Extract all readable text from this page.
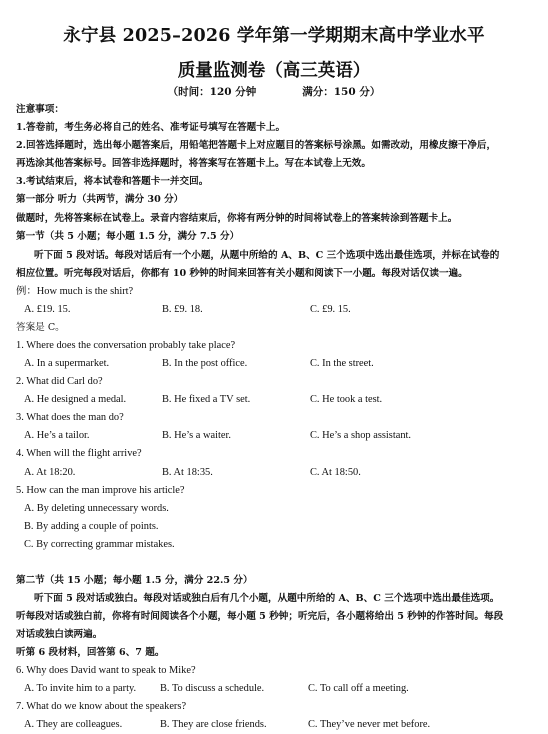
永宁县 2025–2026 学年第一学期期末高中学业水平
质量监测卷（高三英语）
（时间：120 分钟	满分：150 分）
注意事项：
1.答卷前，考生务必将自己的姓名、准考证号填写在答题卡上。
2.回答选择题时，选出每小题答案后，用铅笔把答题卡上对应题目的答案标号涂黑。如需改动，用橡皮擦干净后，
再选涂其他答案标号。回答非选择题时，将答案写在答题卡上。写在本试卷上无效。
3.考试结束后，将本试卷和答题卡一并交回。
第一部分 听力（共两节，满分 30 分）
做题时，先将答案标在试卷上。录音内容结束后，你将有两分钟的时间将试卷上的答案转涂到答题卡上。
第一节（共 5 小题；每小题 1.5 分，满分 7.5 分）
听下面 5 段对话。每段对话后有一个小题，从题中所给的 A、B、C 三个选项中选出最佳选项，并标在试卷的
相应位置。听完每段对话后，你都有 10 秒钟的时间来回答有关小题和阅读下一小题。每段对话仅读一遍。
例：How much is the shirt?
A. £19. 15.	B. £9. 18.	C. £9. 15.
答案是 C。
1. Where does the conversation probably take place?
A. In a supermarket.	B. In the post office.	C. In the street.
2. What did Carl do?
A. He designed a medal.	B. He fixed a TV set.	C. He took a test.
3. What does the man do?
A. He’s a tailor.	B. He’s a waiter.	C. He’s a shop assistant.
4. When will the flight arrive?
A. At 18:20.	B. At 18:35.	C. At 18:50.
5. How can the man improve his article?
A. By deleting unnecessary words.
B. By adding a couple of points.
C. By correcting grammar mistakes.
第二节（共 15 小题；每小题 1.5 分，满分 22.5 分）
听下面 5 段对话或独白。每段对话或独白后有几个小题，从题中所给的 A、B、C 三个选项中选出最佳选项。
听每段对话或独白前，你将有时间阅读各个小题，每小题 5 秒钟；听完后，各小题将给出 5 秒钟的作答时间。每段
对话或独白读两遍。
听第 6 段材料，回答第 6、7 题。
6. Why does David want to speak to Mike?
A. To invite him to a party. B. To discuss a schedule.	C. To call off a meeting.
7. What do we know about the speakers?
A. They are colleagues.	B. They are close friends.	C. They’ve never met before.
